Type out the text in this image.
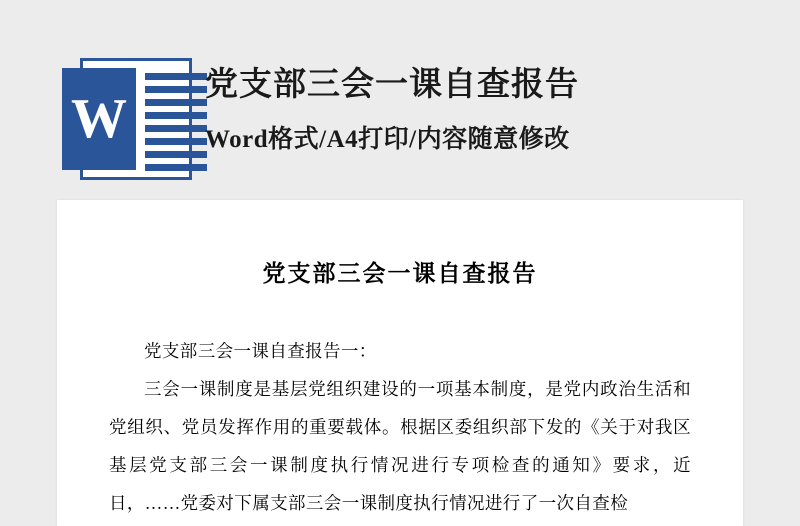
W
党支部三会一课自查报告
Word格式/A4打印/内容随意修改
党支部三会一课自查报告

党支部三会一课自查报告一：

三会一课制度是基层党组织建设的一项基本制度，是党内政治生活和党组织、党员发挥作用的重要载体。根据区委组织部下发的《关于对我区基层党支部三会一课制度执行情况进行专项检查的通知》要求，近日，……党委对下属支部三会一课制度执行情况进行了一次自查检
